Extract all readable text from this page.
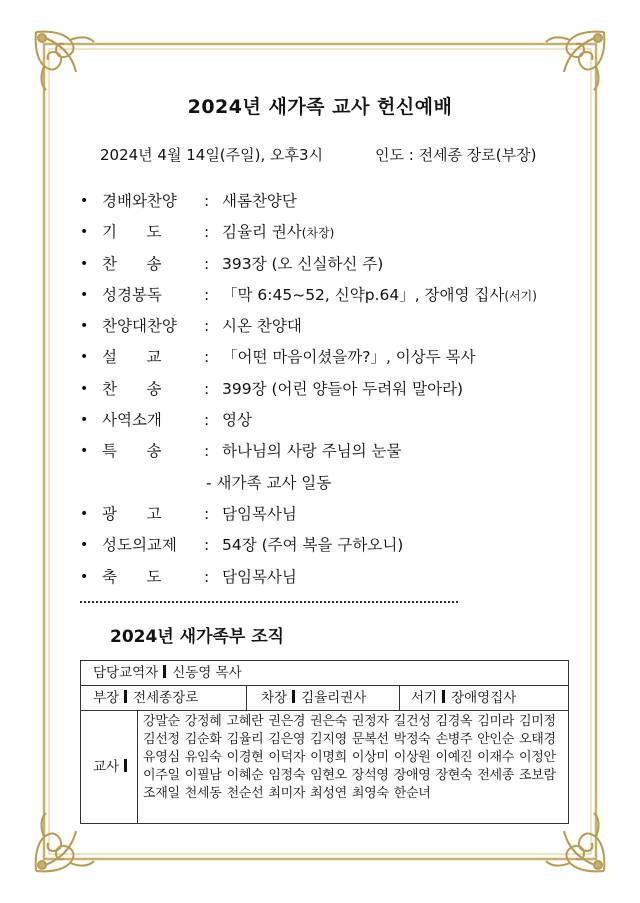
2024년 새가족 교사 헌신예배
2024년 4월 14일(주일), 오후3시	인도 : 전세종 장로(부장)
• 경배와찬양	: 새롬찬양단
• 기      도	: 김율리 권사(차장)
• 찬      송	: 393장 (오 신실하신 주)
• 성경봉독	: 「막 6:45~52, 신약p.64」, 장애영 집사(서기)
• 찬양대찬양	: 시온 찬양대
• 설      교	: 「어떤 마음이셨을까?」, 이상두 목사
• 찬      송	: 399장 (어린 양들아 두려워 말아라)
• 사역소개	: 영상
• 특      송	: 하나님의 사랑 주님의 눈물
- 새가족 교사 일동
• 광      고	: 담임목사님
• 성도의교제	: 54장 (주여 복을 구하오니)
• 축      도	: 담임목사님
2024년 새가족부 조직
담당교역자 신동영 목사
부장 전세종장로	차장 김율리권사	서기 장애영집사
교사
강말순 강정혜 고혜란 권은경 권은숙 권정자 길건성 김경옥 김미라 김미정김선정 김순화 김율리 김은영 김지영 문복선 박정숙 손병주 안인순 오태경유영심 유임숙 이경현 이덕자 이명희 이상미 이상원 이예진 이재수 이정안이주일 이필남 이혜순 임정숙 임현오 장석영 장애영 장현숙 전세종 조보람조재일 천세동 천순선 최미자 최성연 최영숙 한순녀
